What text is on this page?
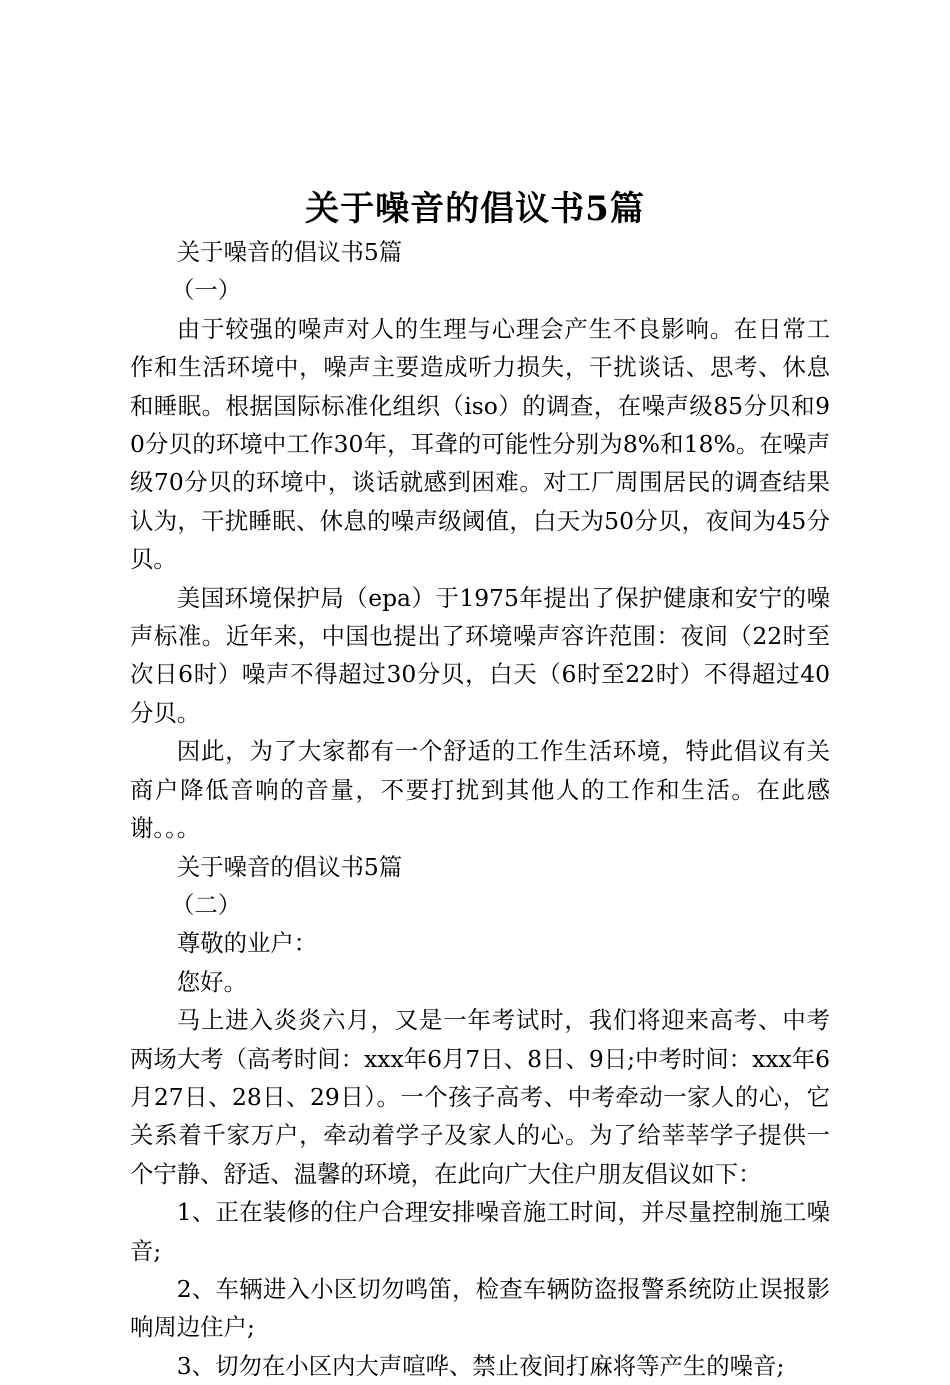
关于噪音的倡议书5篇

关于噪音的倡议书5篇

（一）

由于较强的噪声对人的生理与心理会产生不良影响。在日常工作和生活环境中，噪声主要造成听力损失，干扰谈话、思考、休息和睡眠。根据国际标准化组织（iso）的调查，在噪声级85分贝和90分贝的环境中工作30年，耳聋的可能性分别为8%和18%。在噪声级70分贝的环境中，谈话就感到困难。对工厂周围居民的调查结果认为，干扰睡眠、休息的噪声级阈值，白天为50分贝，夜间为45分贝。

美国环境保护局（epa）于1975年提出了保护健康和安宁的噪声标准。近年来，中国也提出了环境噪声容许范围：夜间（22时至次日6时）噪声不得超过30分贝，白天（6时至22时）不得超过40分贝。

因此，为了大家都有一个舒适的工作生活环境，特此倡议有关商户降低音响的音量，不要打扰到其他人的工作和生活。在此感谢。。。

关于噪音的倡议书5篇

（二）

尊敬的业户：

您好。

马上进入炎炎六月，又是一年考试时，我们将迎来高考、中考两场大考（高考时间：xxx年6月7日、8日、9日;中考时间：xxx年6月27日、28日、29日）。一个孩子高考、中考牵动一家人的心，它关系着千家万户，牵动着学子及家人的心。为了给莘莘学子提供一个宁静、舒适、温馨的环境，在此向广大住户朋友倡议如下：

1、正在装修的住户合理安排噪音施工时间，并尽量控制施工噪音;

2、车辆进入小区切勿鸣笛，检查车辆防盗报警系统防止误报影响周边住户;

3、切勿在小区内大声喧哗、禁止夜间打麻将等产生的噪音;
